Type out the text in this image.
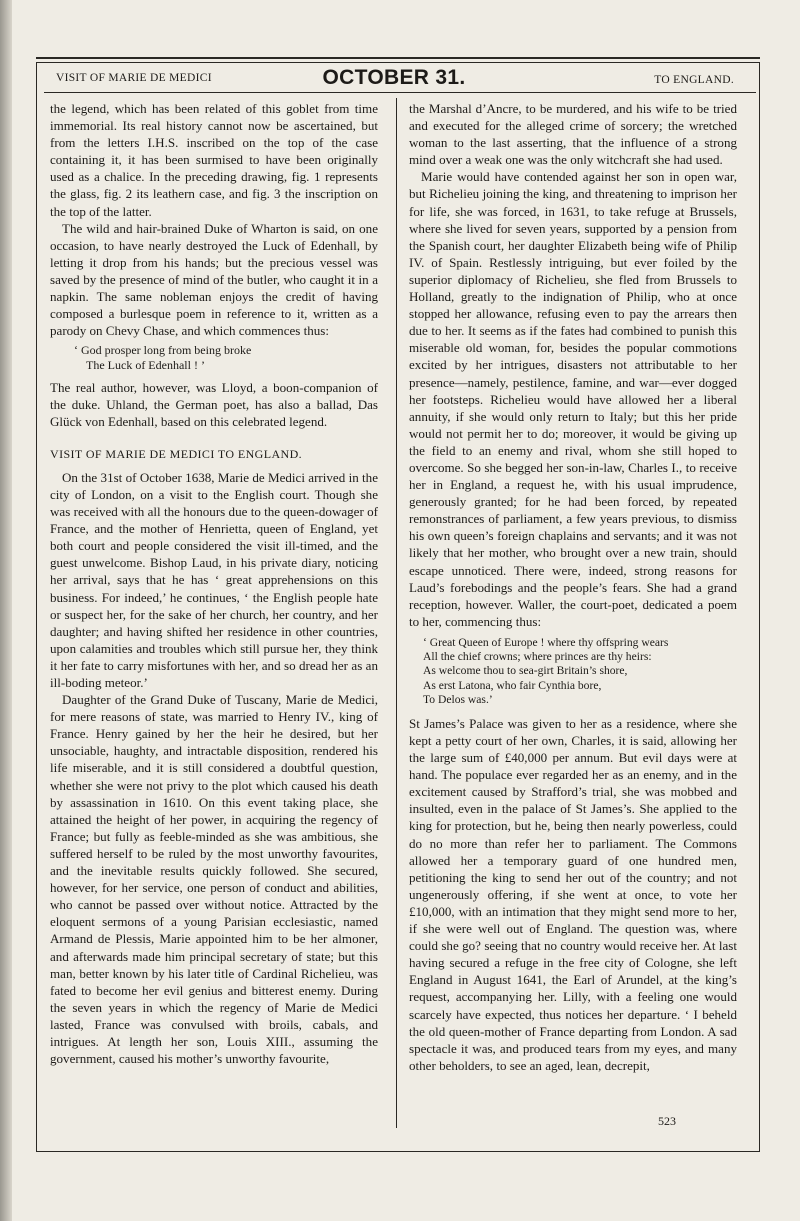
VISIT OF MARIE DE MEDICI	OCTOBER 31.	TO ENGLAND.

the legend, which has been related of this goblet from time immemorial. Its real history cannot now be ascertained, but from the letters I.H.S. inscribed on the top of the case containing it, it has been surmised to have been originally used as a chalice. In the preceding drawing, fig. 1 represents the glass, fig. 2 its leathern case, and fig. 3 the inscription on the top of the latter.

The wild and hair-brained Duke of Wharton is said, on one occasion, to have nearly destroyed the Luck of Edenhall, by letting it drop from his hands; but the precious vessel was saved by the presence of mind of the butler, who caught it in a napkin. The same nobleman enjoys the credit of having composed a burlesque poem in reference to it, written as a parody on Chevy Chase, and which commences thus:

‘ God prosper long from being broke
The Luck of Edenhall ! ’

The real author, however, was Lloyd, a boon-companion of the duke. Uhland, the German poet, has also a ballad, Das Glück von Edenhall, based on this celebrated legend.

VISIT OF MARIE DE MEDICI TO ENGLAND.

On the 31st of October 1638, Marie de Medici arrived in the city of London, on a visit to the English court. Though she was received with all the honours due to the queen-dowager of France, and the mother of Henrietta, queen of England, yet both court and people considered the visit ill-timed, and the guest unwelcome. Bishop Laud, in his private diary, noticing her arrival, says that he has ‘ great apprehensions on this business. For indeed,’ he continues, ‘ the English people hate or suspect her, for the sake of her church, her country, and her daughter; and having shifted her residence in other countries, upon calamities and troubles which still pursue her, they think it her fate to carry misfortunes with her, and so dread her as an ill-boding meteor.’

Daughter of the Grand Duke of Tuscany, Marie de Medici, for mere reasons of state, was married to Henry IV., king of France. Henry gained by her the heir he desired, but her unsociable, haughty, and intractable disposition, rendered his life miserable, and it is still considered a doubtful question, whether she were not privy to the plot which caused his death by assassination in 1610. On this event taking place, she attained the height of her power, in acquiring the regency of France; but fully as feeble-minded as she was ambitious, she suffered herself to be ruled by the most unworthy favourites, and the inevitable results quickly followed. She secured, however, for her service, one person of conduct and abilities, who cannot be passed over without notice. Attracted by the eloquent sermons of a young Parisian ecclesiastic, named Armand de Plessis, Marie appointed him to be her almoner, and afterwards made him principal secretary of state; but this man, better known by his later title of Cardinal Richelieu, was fated to become her evil genius and bitterest enemy. During the seven years in which the regency of Marie de Medici lasted, France was convulsed with broils, cabals, and intrigues. At length her son, Louis XIII., assuming the government, caused his mother’s unworthy favourite,

the Marshal d’Ancre, to be murdered, and his wife to be tried and executed for the alleged crime of sorcery; the wretched woman to the last asserting, that the influence of a strong mind over a weak one was the only witchcraft she had used.

Marie would have contended against her son in open war, but Richelieu joining the king, and threatening to imprison her for life, she was forced, in 1631, to take refuge at Brussels, where she lived for seven years, supported by a pension from the Spanish court, her daughter Elizabeth being wife of Philip IV. of Spain. Restlessly intriguing, but ever foiled by the superior diplomacy of Richelieu, she fled from Brussels to Holland, greatly to the indignation of Philip, who at once stopped her allowance, refusing even to pay the arrears then due to her. It seems as if the fates had combined to punish this miserable old woman, for, besides the popular commotions excited by her intrigues, disasters not attributable to her presence—namely, pestilence, famine, and war—ever dogged her footsteps. Richelieu would have allowed her a liberal annuity, if she would only return to Italy; but this her pride would not permit her to do; moreover, it would be giving up the field to an enemy and rival, whom she still hoped to overcome. So she begged her son-in-law, Charles I., to receive her in England, a request he, with his usual imprudence, generously granted; for he had been forced, by repeated remonstrances of parliament, a few years previous, to dismiss his own queen’s foreign chaplains and servants; and it was not likely that her mother, who brought over a new train, should escape unnoticed. There were, indeed, strong reasons for Laud’s forebodings and the people’s fears. She had a grand reception, however. Waller, the court-poet, dedicated a poem to her, commencing thus:

‘ Great Queen of Europe ! where thy offspring wears
All the chief crowns; where princes are thy heirs:
As welcome thou to sea-girt Britain’s shore,
As erst Latona, who fair Cynthia bore,
To Delos was.’

St James’s Palace was given to her as a residence, where she kept a petty court of her own, Charles, it is said, allowing her the large sum of £40,000 per annum. But evil days were at hand. The populace ever regarded her as an enemy, and in the excitement caused by Strafford’s trial, she was mobbed and insulted, even in the palace of St James’s. She applied to the king for protection, but he, being then nearly powerless, could do no more than refer her to parliament. The Commons allowed her a temporary guard of one hundred men, petitioning the king to send her out of the country; and not ungenerously offering, if she went at once, to vote her £10,000, with an intimation that they might send more to her, if she were well out of England. The question was, where could she go? seeing that no country would receive her. At last having secured a refuge in the free city of Cologne, she left England in August 1641, the Earl of Arundel, at the king’s request, accompanying her. Lilly, with a feeling one would scarcely have expected, thus notices her departure. ‘ I beheld the old queen-mother of France departing from London. A sad spectacle it was, and produced tears from my eyes, and many other beholders, to see an aged, lean, decrepit,

523
